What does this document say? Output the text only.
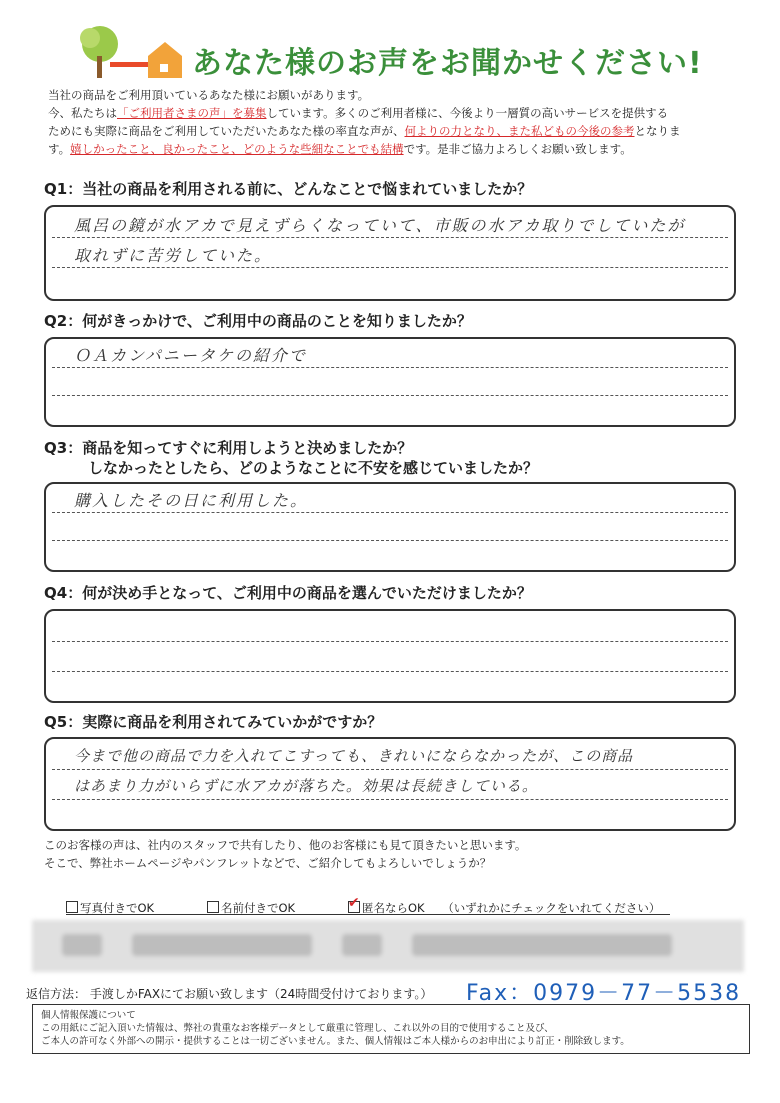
あなた様のお声をお聞かせください!

当社の商品をご利用頂いているあなた様にお願いがあります。

今、私たちは「ご利用者さまの声」を募集しています。多くのご利用者様に、今後より一層質の高いサービスを提供する

ためにも実際に商品をご利用していただいたあなた様の率直な声が、何よりの力となり、また私どもの今後の参考となりま

す。嬉しかったこと、良かったこと、どのような些細なことでも結構です。是非ご協力よろしくお願い致します。

Q1：当社の商品を利用される前に、どんなことで悩まれていましたか？
風呂の鏡が水アカで見えずらくなっていて、市販の水アカ取りでしていたが
取れずに苦労していた。
Q2：何がきっかけで、ご利用中の商品のことを知りましたか？
ＯＡカンパニータケの紹介で
Q3：商品を知ってすぐに利用しようと決めましたか？
しなかったとしたら、どのようなことに不安を感じていましたか？
購入したその日に利用した。
Q4：何が決め手となって、ご利用中の商品を選んでいただけましたか？
Q5：実際に商品を利用されてみていかがですか？
今まで他の商品で力を入れてこすっても、きれいにならなかったが、この商品
はあまり力がいらずに水アカが落ちた。効果は長続きしている。

このお客様の声は、社内のスタッフで共有したり、他のお客様にも見て頂きたいと思います。

そこで、弊社ホームページやパンフレットなどで、ご紹介してもよろしいでしょうか？

写真付きでOK	名前付きでOK
✔	匿名ならOK （いずれかにチェックをいれてください）
返信方法： 手渡しかFAXにてお願い致します（24時間受付けております。） Fax：0979－77－5538

個人情報保護について

この用紙にご記入頂いた情報は、弊社の貴重なお客様データとして厳重に管理し、これ以外の目的で使用すること及び、

ご本人の許可なく外部への開示・提供することは一切ございません。また、個人情報はご本人様からのお申出により訂正・削除致します。
